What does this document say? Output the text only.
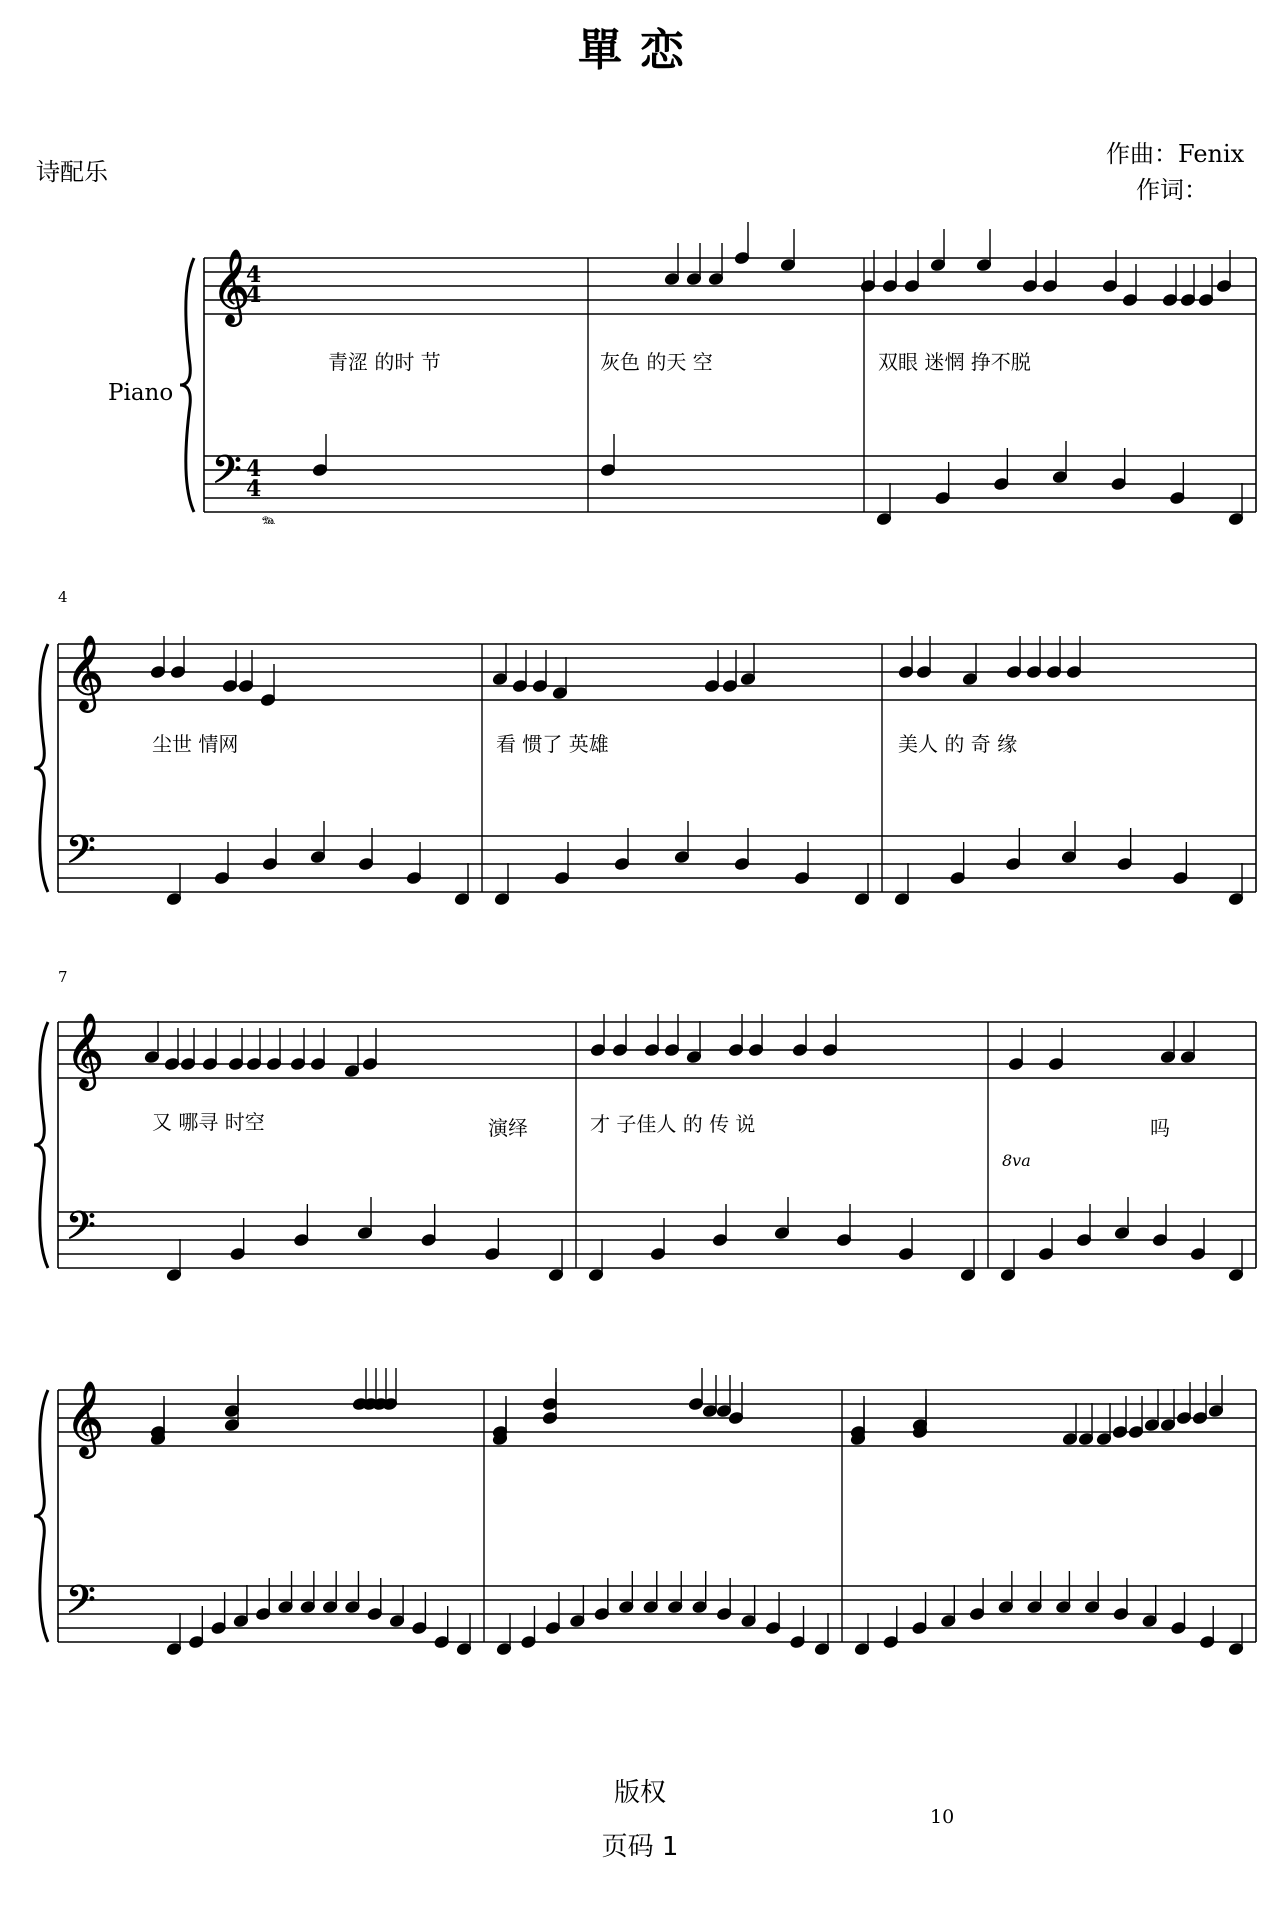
單恋
诗配乐
作曲：Fenix
作词：
Piano
4
7
青涩 的时 节	灰色 的天 空	双眼 迷惘 挣不脱
尘世 情网	看 惯了 英雄	美人 的 奇 缘
又 哪寻 时空	演绎	才 子佳人 的 传 说	吗
版权
页码 1
10
𝄞
𝄢
𝄞
𝄢
𝄞
𝄢
𝄞
𝄢
4
4
4
4
𝆮
8va
